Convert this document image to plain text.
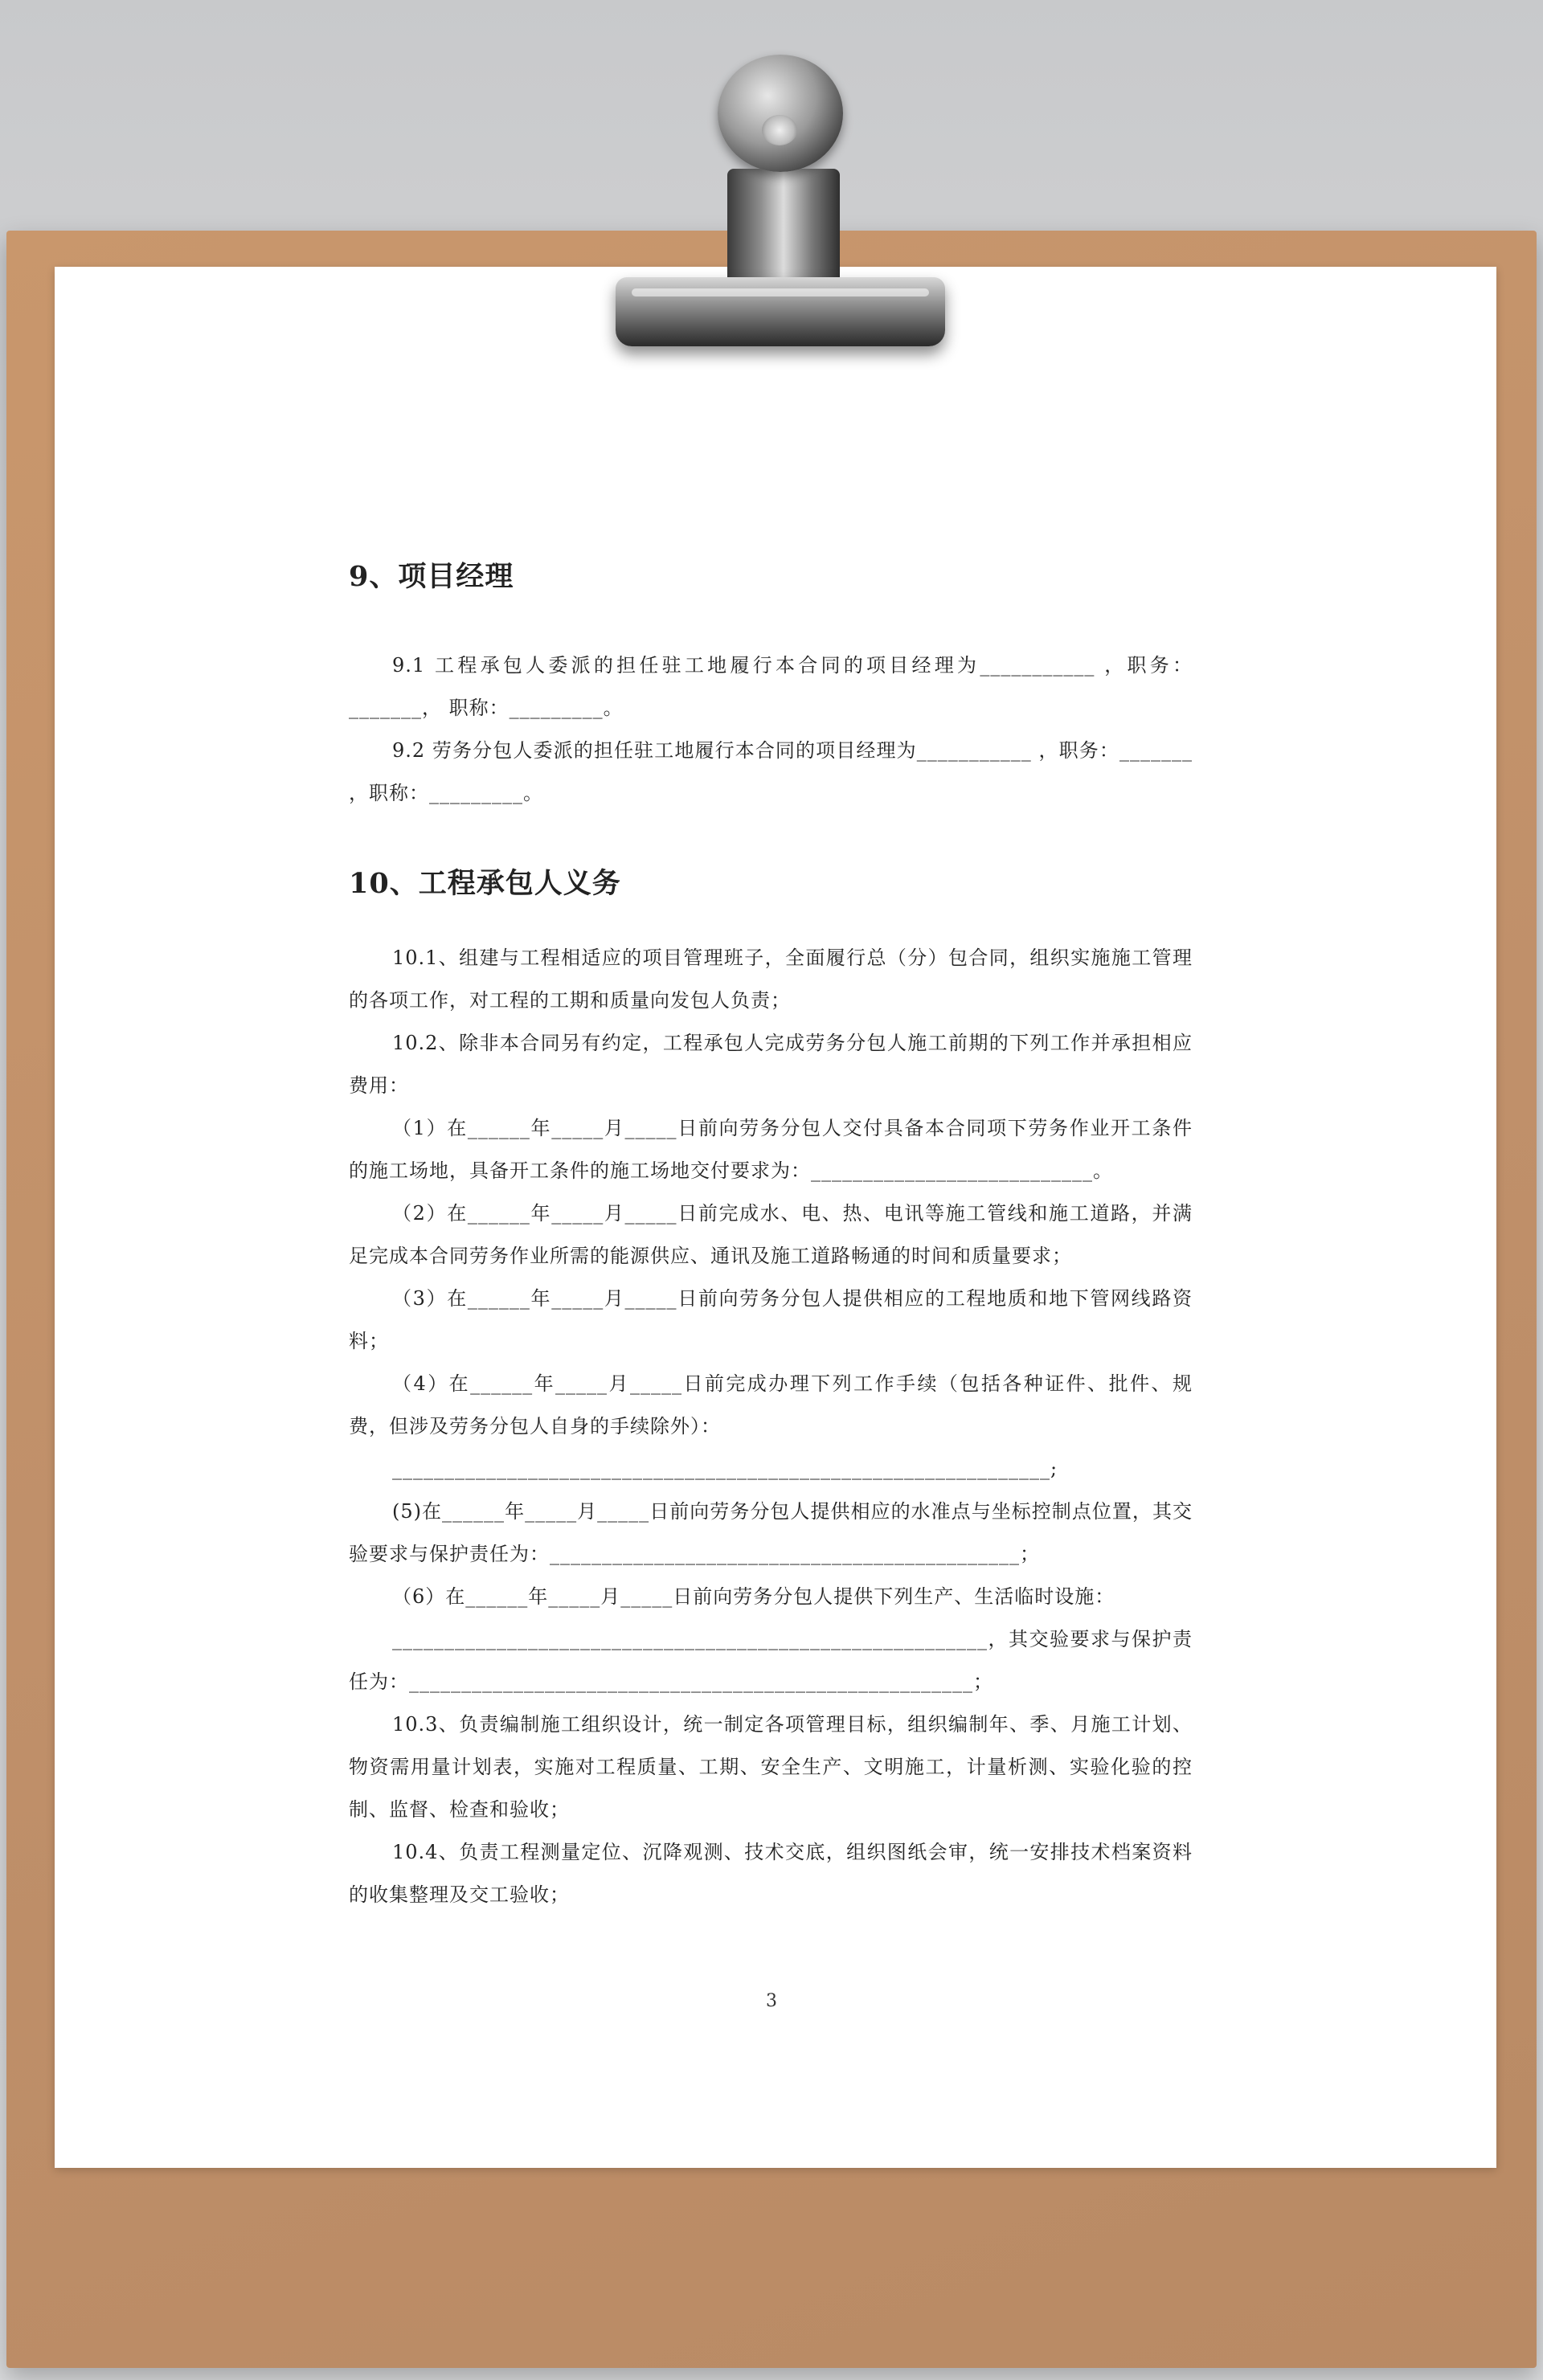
9、项目经理

9.1 工程承包人委派的担任驻工地履行本合同的项目经理为___________ ，职务：_______， 职称：_________。

9.2 劳务分包人委派的担任驻工地履行本合同的项目经理为___________ ，职务：_______ ，职称：_________。

10、工程承包人义务

10.1、组建与工程相适应的项目管理班子，全面履行总（分）包合同，组织实施施工管理的各项工作，对工程的工期和质量向发包人负责；

10.2、除非本合同另有约定，工程承包人完成劳务分包人施工前期的下列工作并承担相应费用：

（1）在______年_____月_____日前向劳务分包人交付具备本合同项下劳务作业开工条件的施工场地，具备开工条件的施工场地交付要求为：___________________________。

（2）在______年_____月_____日前完成水、电、热、电讯等施工管线和施工道路，并满足完成本合同劳务作业所需的能源供应、通讯及施工道路畅通的时间和质量要求；

（3）在______年_____月_____日前向劳务分包人提供相应的工程地质和地下管网线路资料；

（4）在______年_____月_____日前完成办理下列工作手续（包括各种证件、批件、规费，但涉及劳务分包人自身的手续除外）：

_______________________________________________________________;

(5)在______年_____月_____日前向劳务分包人提供相应的水准点与坐标控制点位置，其交验要求与保护责任为：_____________________________________________；

（6）在______年_____月_____日前向劳务分包人提供下列生产、生活临时设施：

_________________________________________________________，其交验要求与保护责任为：______________________________________________________；

10.3、负责编制施工组织设计，统一制定各项管理目标，组织编制年、季、月施工计划、物资需用量计划表，实施对工程质量、工期、安全生产、文明施工，计量析测、实验化验的控制、监督、检查和验收；

10.4、负责工程测量定位、沉降观测、技术交底，组织图纸会审，统一安排技术档案资料的收集整理及交工验收；

3
